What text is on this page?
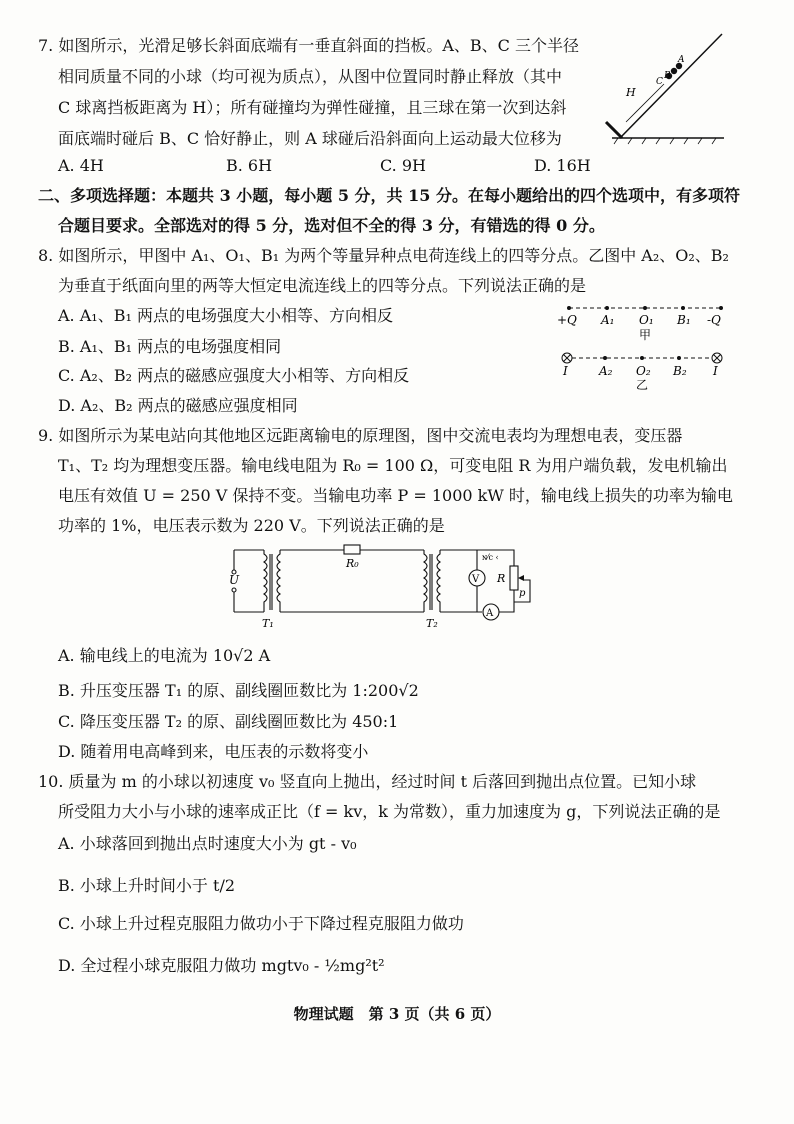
7. 如图所示，光滑足够长斜面底端有一垂直斜面的挡板。A、B、C 三个半径
相同质量不同的小球（均可视为质点），从图中位置同时静止释放（其中
C 球离挡板距离为 H）；所有碰撞均为弹性碰撞，且三球在第一次到达斜
面底端时碰后 B、C 恰好静止，则 A 球碰后沿斜面向上运动最大位移为
A. 4H	B. 6H	C. 9H	D. 16H
H
C
B
A
二、多项选择题：本题共 3 小题，每小题 5 分，共 15 分。在每小题给出的四个选项中，有多项符
合题目要求。全部选对的得 5 分，选对但不全的得 3 分，有错选的得 0 分。
8. 如图所示，甲图中 A₁、O₁、B₁ 为两个等量异种点电荷连线上的四等分点。乙图中 A₂、O₂、B₂
为垂直于纸面向里的两等大恒定电流连线上的四等分点。下列说法正确的是
A. A₁、B₁ 两点的电场强度大小相等、方向相反
B. A₁、B₁ 两点的电场强度相同
C. A₂、B₂ 两点的磁感应强度大小相等、方向相反
D. A₂、B₂ 两点的磁感应强度相同
+Q A₁ O₁ B₁ -Q
甲
I	A₂ O₂ B₂ I
乙
9. 如图所示为某电站向其他地区远距离输电的原理图，图中交流电表均为理想电表，变压器
T₁、T₂ 均为理想变压器。输电线电阻为 R₀ = 100 Ω，可变电阻 R 为用户端负载，发电机输出
电压有效值 U = 250 V 保持不变。当输电功率 P = 1000 kW 时，输电线上损失的功率为输电
功率的 1%，电压表示数为 220 V。下列说法正确的是
U
R₀
T₁	T₂
V
A
R
p
ɴ⁄c ‹
A. 输电线上的电流为 10√2 A
B. 升压变压器 T₁ 的原、副线圈匝数比为 1:200√2
C. 降压变压器 T₂ 的原、副线圈匝数比为 450:1
D. 随着用电高峰到来，电压表的示数将变小
10. 质量为 m 的小球以初速度 v₀ 竖直向上抛出，经过时间 t 后落回到抛出点位置。已知小球
所受阻力大小与小球的速率成正比（f = kv，k 为常数），重力加速度为 g，下列说法正确的是
A. 小球落回到抛出点时速度大小为 gt - v₀
B. 小球上升时间小于 t/2
C. 小球上升过程克服阻力做功小于下降过程克服阻力做功
D. 全过程小球克服阻力做功 mgtv₀ - ½mg²t²
物理试题　第 3 页（共 6 页）
